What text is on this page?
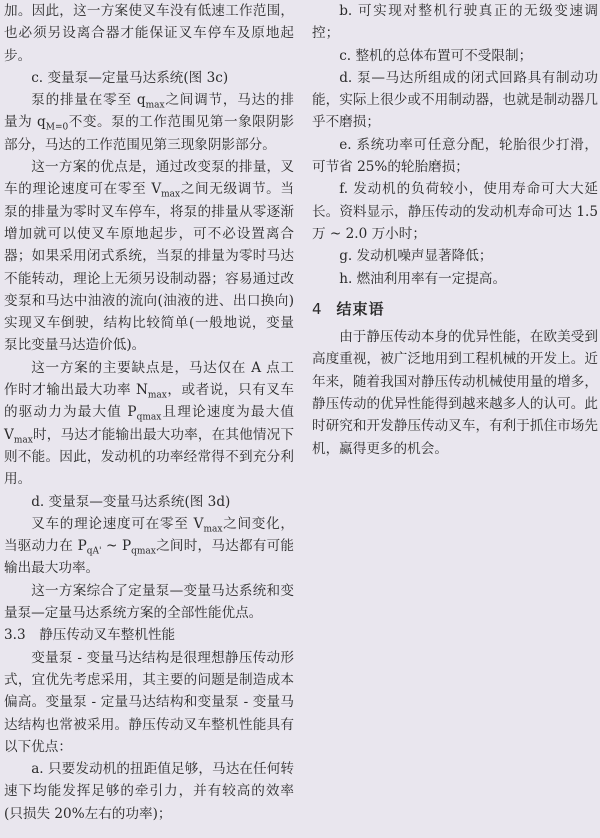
加。因此，这一方案使叉车没有低速工作范围，也必须另设离合器才能保证叉车停车及原地起步。

c. 变量泵—定量马达系统(图 3c)

泵的排量在零至 $q_{max}$之间调节，马达的排量为 $q_{M=0}$不变。泵的工作范围见第一象限阴影部分，马达的工作范围见第三现象阴影部分。

这一方案的优点是，通过改变泵的排量，叉车的理论速度可在零至 $V_{max}$之间无级调节。当泵的排量为零时叉车停车，将泵的排量从零逐渐增加就可以使叉车原地起步，可不必设置离合器；如果采用闭式系统，当泵的排量为零时马达不能转动，理论上无须另设制动器；容易通过改变泵和马达中油液的流向(油液的进、出口换向)实现叉车倒驶，结构比较简单(一般地说，变量泵比变量马达造价低)。

这一方案的主要缺点是，马达仅在 A 点工作时才输出最大功率 $N_{max}$，或者说，只有叉车的驱动力为最大值 $P_{qmax}$且理论速度为最大值 $V_{max}$时，马达才能输出最大功率，在其他情况下则不能。因此，发动机的功率经常得不到充分利用。

d. 变量泵—变量马达系统(图 3d)

叉车的理论速度可在零至 $V_{max}$之间变化，当驱动力在 $P_{qA'}$ ~ $P_{qmax}$之间时，马达都有可能输出最大功率。

这一方案综合了定量泵—变量马达系统和变量泵—定量马达系统方案的全部性能优点。

3.3　静压传动叉车整机性能

变量泵 - 变量马达结构是很理想静压传动形式，宜优先考虑采用，其主要的问题是制造成本偏高。变量泵 - 定量马达结构和变量泵 - 变量马达结构也常被采用。静压传动叉车整机性能具有以下优点：

a. 只要发动机的扭距值足够，马达在任何转速下均能发挥足够的牵引力，并有较高的效率(只损失 20%左右的功率)；

b. 可实现对整机行驶真正的无级变速调控；

c. 整机的总体布置可不受限制；

d. 泵—马达所组成的闭式回路具有制动功能，实际上很少或不用制动器，也就是制动器几乎不磨损；

e. 系统功率可任意分配，轮胎很少打滑，可节省 25%的轮胎磨损；

f. 发动机的负荷较小，使用寿命可大大延长。资料显示，静压传动的发动机寿命可达 1.5 万 ~ 2.0 万小时；

g. 发动机噪声显著降低；

h. 燃油利用率有一定提高。

4 结束语

由于静压传动本身的优异性能，在欧美受到高度重视，被广泛地用到工程机械的开发上。近年来，随着我国对静压传动机械使用量的增多，静压传动的优异性能得到越来越多人的认可。此时研究和开发静压传动叉车，有利于抓住市场先机，赢得更多的机会。
